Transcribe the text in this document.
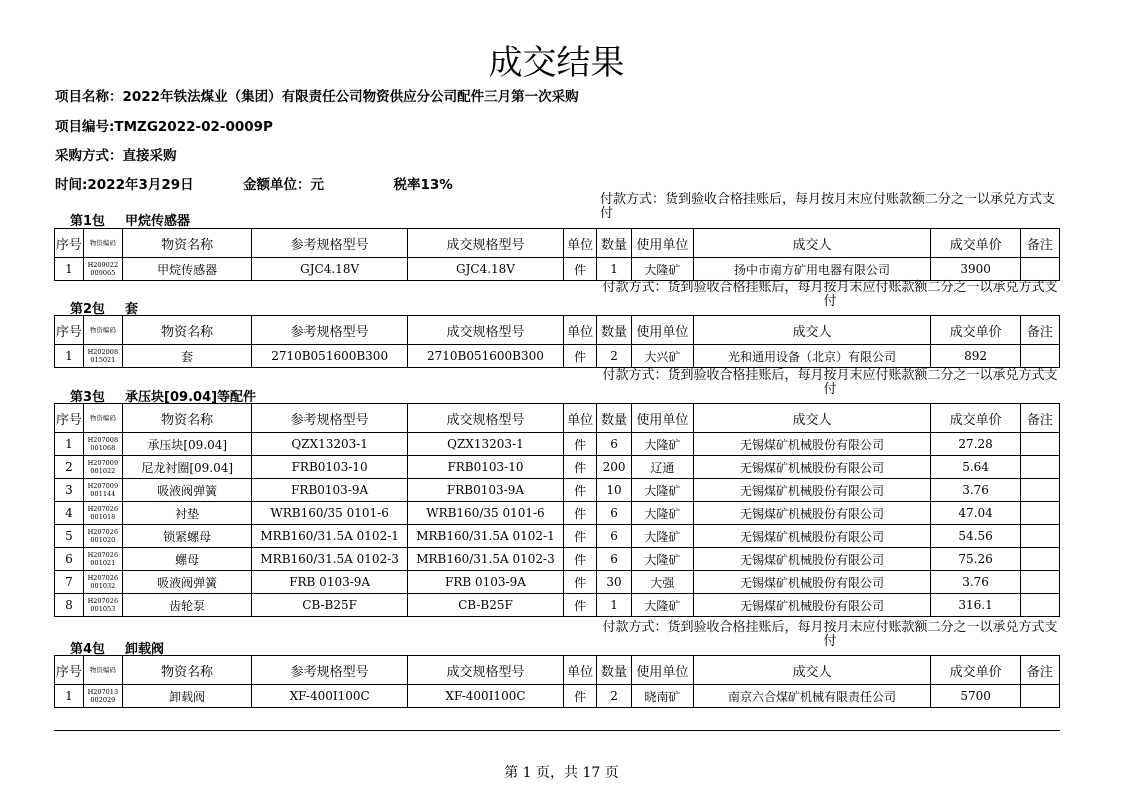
成交结果
项目名称：2022年铁法煤业（集团）有限责任公司物资供应分公司配件三月第一次采购
项目编号:TMZG2022-02-0009P
采购方式：直接采购
时间:2022年3月29日	金额单位：元	税率13%
付款方式：货到验收合格挂账后，每月按月末应付账款额二分之一以承兑方式支付
第1包 甲烷传感器
序号	物资编码	物资名称	参考规格型号	成交规格型号	单位	数量	使用单位	成交人	成交单价	备注
1	H209022 009065	甲烷传感器	GJC4.18V	GJC4.18V	件	1	大隆矿	扬中市南方矿用电器有限公司	3900	
付款方式：货到验收合格挂账后，每月按月末应付账款额二分之一以承兑方式支付
第2包 套
序号	物资编码	物资名称	参考规格型号	成交规格型号	单位	数量	使用单位	成交人	成交单价	备注
1	H202008 015021	套	2710B051600B300	2710B051600B300	件	2	大兴矿	光和通用设备（北京）有限公司	892	
付款方式：货到验收合格挂账后，每月按月末应付账款额二分之一以承兑方式支付
第3包 承压块[09.04]等配件
序号	物资编码	物资名称	参考规格型号	成交规格型号	单位	数量	使用单位	成交人	成交单价	备注
1	H207008 001068	承压块[09.04]	QZX13203-1	QZX13203-1	件	6	大隆矿	无锡煤矿机械股份有限公司	27.28	
2	H207009 001022	尼龙衬圈[09.04]	FRB0103-10	FRB0103-10	件	200	辽通	无锡煤矿机械股份有限公司	5.64	
3	H207009 001144	吸液阀弹簧	FRB0103-9A	FRB0103-9A	件	10	大隆矿	无锡煤矿机械股份有限公司	3.76	
4	H207026 001018	衬垫	WRB160/35 0101-6	WRB160/35 0101-6	件	6	大隆矿	无锡煤矿机械股份有限公司	47.04	
5	H207026 001020	锁紧螺母	MRB160/31.5A 0102-1	MRB160/31.5A 0102-1	件	6	大隆矿	无锡煤矿机械股份有限公司	54.56	
6	H207026 001021	螺母	MRB160/31.5A 0102-3	MRB160/31.5A 0102-3	件	6	大隆矿	无锡煤矿机械股份有限公司	75.26	
7	H207026 001032	吸液阀弹簧	FRB 0103-9A	FRB 0103-9A	件	30	大强	无锡煤矿机械股份有限公司	3.76	
8	H207026 001053	齿轮泵	CB-B25F	CB-B25F	件	1	大隆矿	无锡煤矿机械股份有限公司	316.1	
付款方式：货到验收合格挂账后，每月按月末应付账款额二分之一以承兑方式支付
第4包 卸载阀
序号	物资编码	物资名称	参考规格型号	成交规格型号	单位	数量	使用单位	成交人	成交单价	备注
1	H207013 002029	卸载阀	XF-400I100C	XF-400I100C	件	2	晓南矿	南京六合煤矿机械有限责任公司	5700	
第 1 页，共 17 页
